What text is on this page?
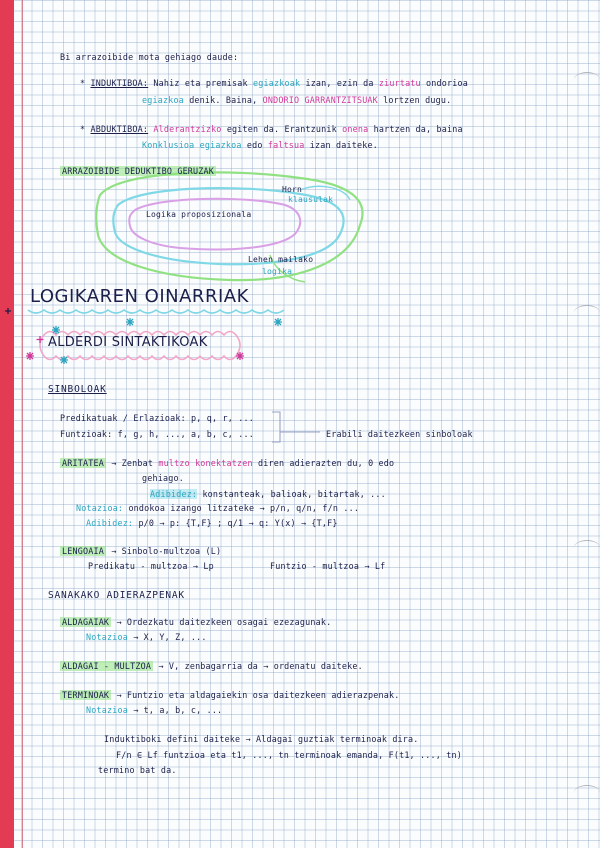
Bi arrazoibide mota gehiago daude:
* INDUKTIBOA: Nahiz eta premisak egiazkoak izan, ezin da ziurtatu ondorioa
egiazkoa denik. Baina, ONDORIO GARRANTZITSUAK lortzen dugu.
* ABDUKTIBOA: Alderantzizko egiten da. Erantzunik onena hartzen da, baina
Konklusioa egiazkoa edo faltsua izan daiteke.
ARRAZOIBIDE DEDUKTIBO GERUZAK
Horn
klausulak
Logika proposizionala
Lehen mailako
logika
LOGIKAREN OINARRIAK
ALDERDI SINTAKTIKOAK
SINBOLOAK
Predikatuak / Erlazioak: p, q, r, ...
Funtzioak: f, g, h, ..., a, b, c, ...	Erabili daitezkeen sinboloak
ARITATEA → Zenbat multzo konektatzen diren adierazten du, 0 edo
gehiago.
Adibidez: konstanteak, balioak, bitartak, ...
Notazioa: ondokoa izango litzateke → p/n, q/n, f/n ...
Adibidez: p/0 → p: {T,F} ; q/1 → q: Y(x) → {T,F}
LENGOAIA → Sinbolo-multzoa (L)
Predikatu - multzoa → Lp	Funtzio - multzoa → Lf
SANAKAKO ADIERAZPENAK
ALDAGAIAK → Ordezkatu daitezkeen osagai ezezagunak.
Notazioa → X, Y, Z, ...
ALDAGAI - MULTZOA → V, zenbagarria da → ordenatu daiteke.
TERMINOAK → Funtzio eta aldagaiekin osa daitezkeen adierazpenak.
Notazioa → t, a, b, c, ...
Induktiboki defini daiteke → Aldagai guztiak terminoak dira.
F/n ∈ Lf funtzioa eta t1, ..., tn terminoak emanda, F(t1, ..., tn)
termino bat da.
